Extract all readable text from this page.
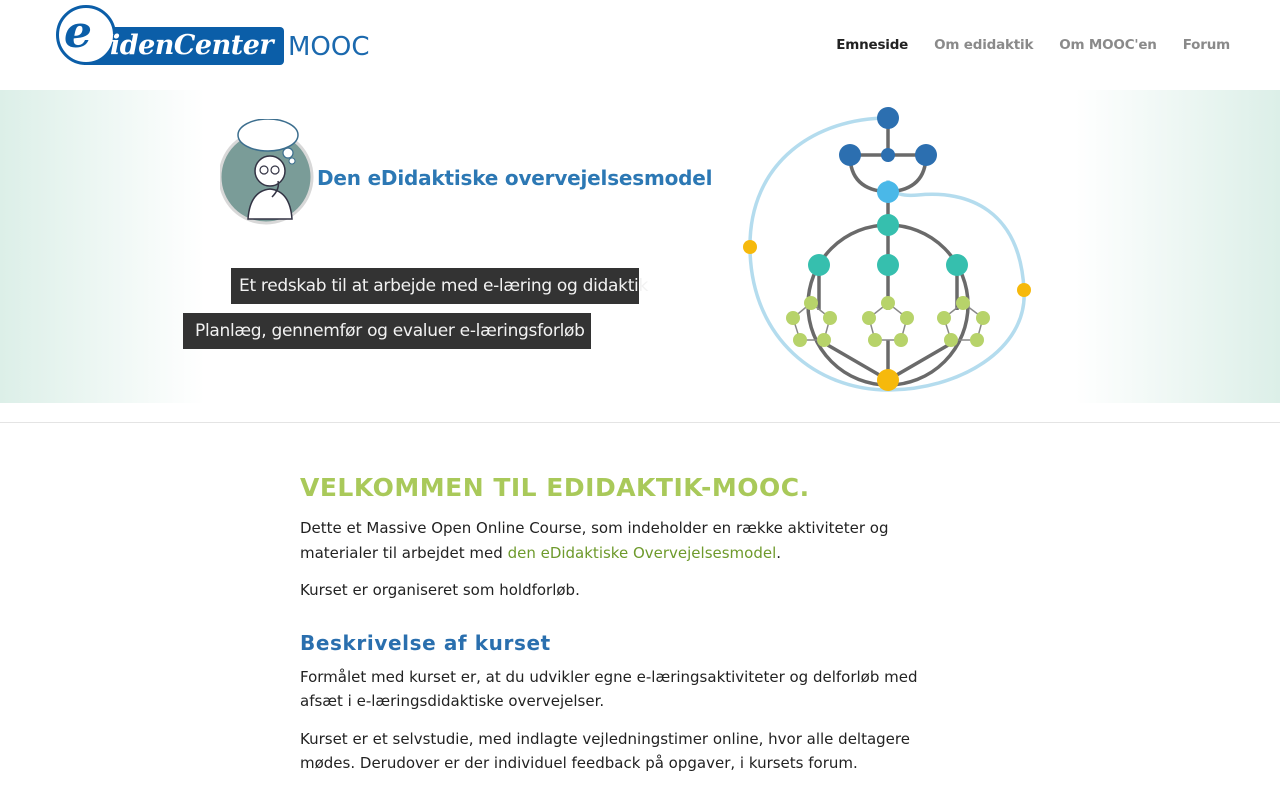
e
VidenCenter MOOC	Emneside Om edidaktik Om MOOC'en Forum
Den eDidaktiske overvejelsesmodel
Et redskab til at arbejde med e-læring og didaktik
Planlæg, gennemfør og evaluer e-læringsforløb
VELKOMMEN TIL EDIDAKTIK-MOOC.

Dette et Massive Open Online Course, som indeholder en række aktiviteter og materialer til arbejdet med den eDidaktiske Overvejelsesmodel.

Kurset er organiseret som holdforløb.

Beskrivelse af kurset

Formålet med kurset er, at du udvikler egne e-læringsaktiviteter og delforløb med afsæt i e-læringsdidaktiske overvejelser.

Kurset er et selvstudie, med indlagte vejledningstimer online, hvor alle deltagere mødes. Derudover er der individuel feedback på opgaver, i kursets forum.
